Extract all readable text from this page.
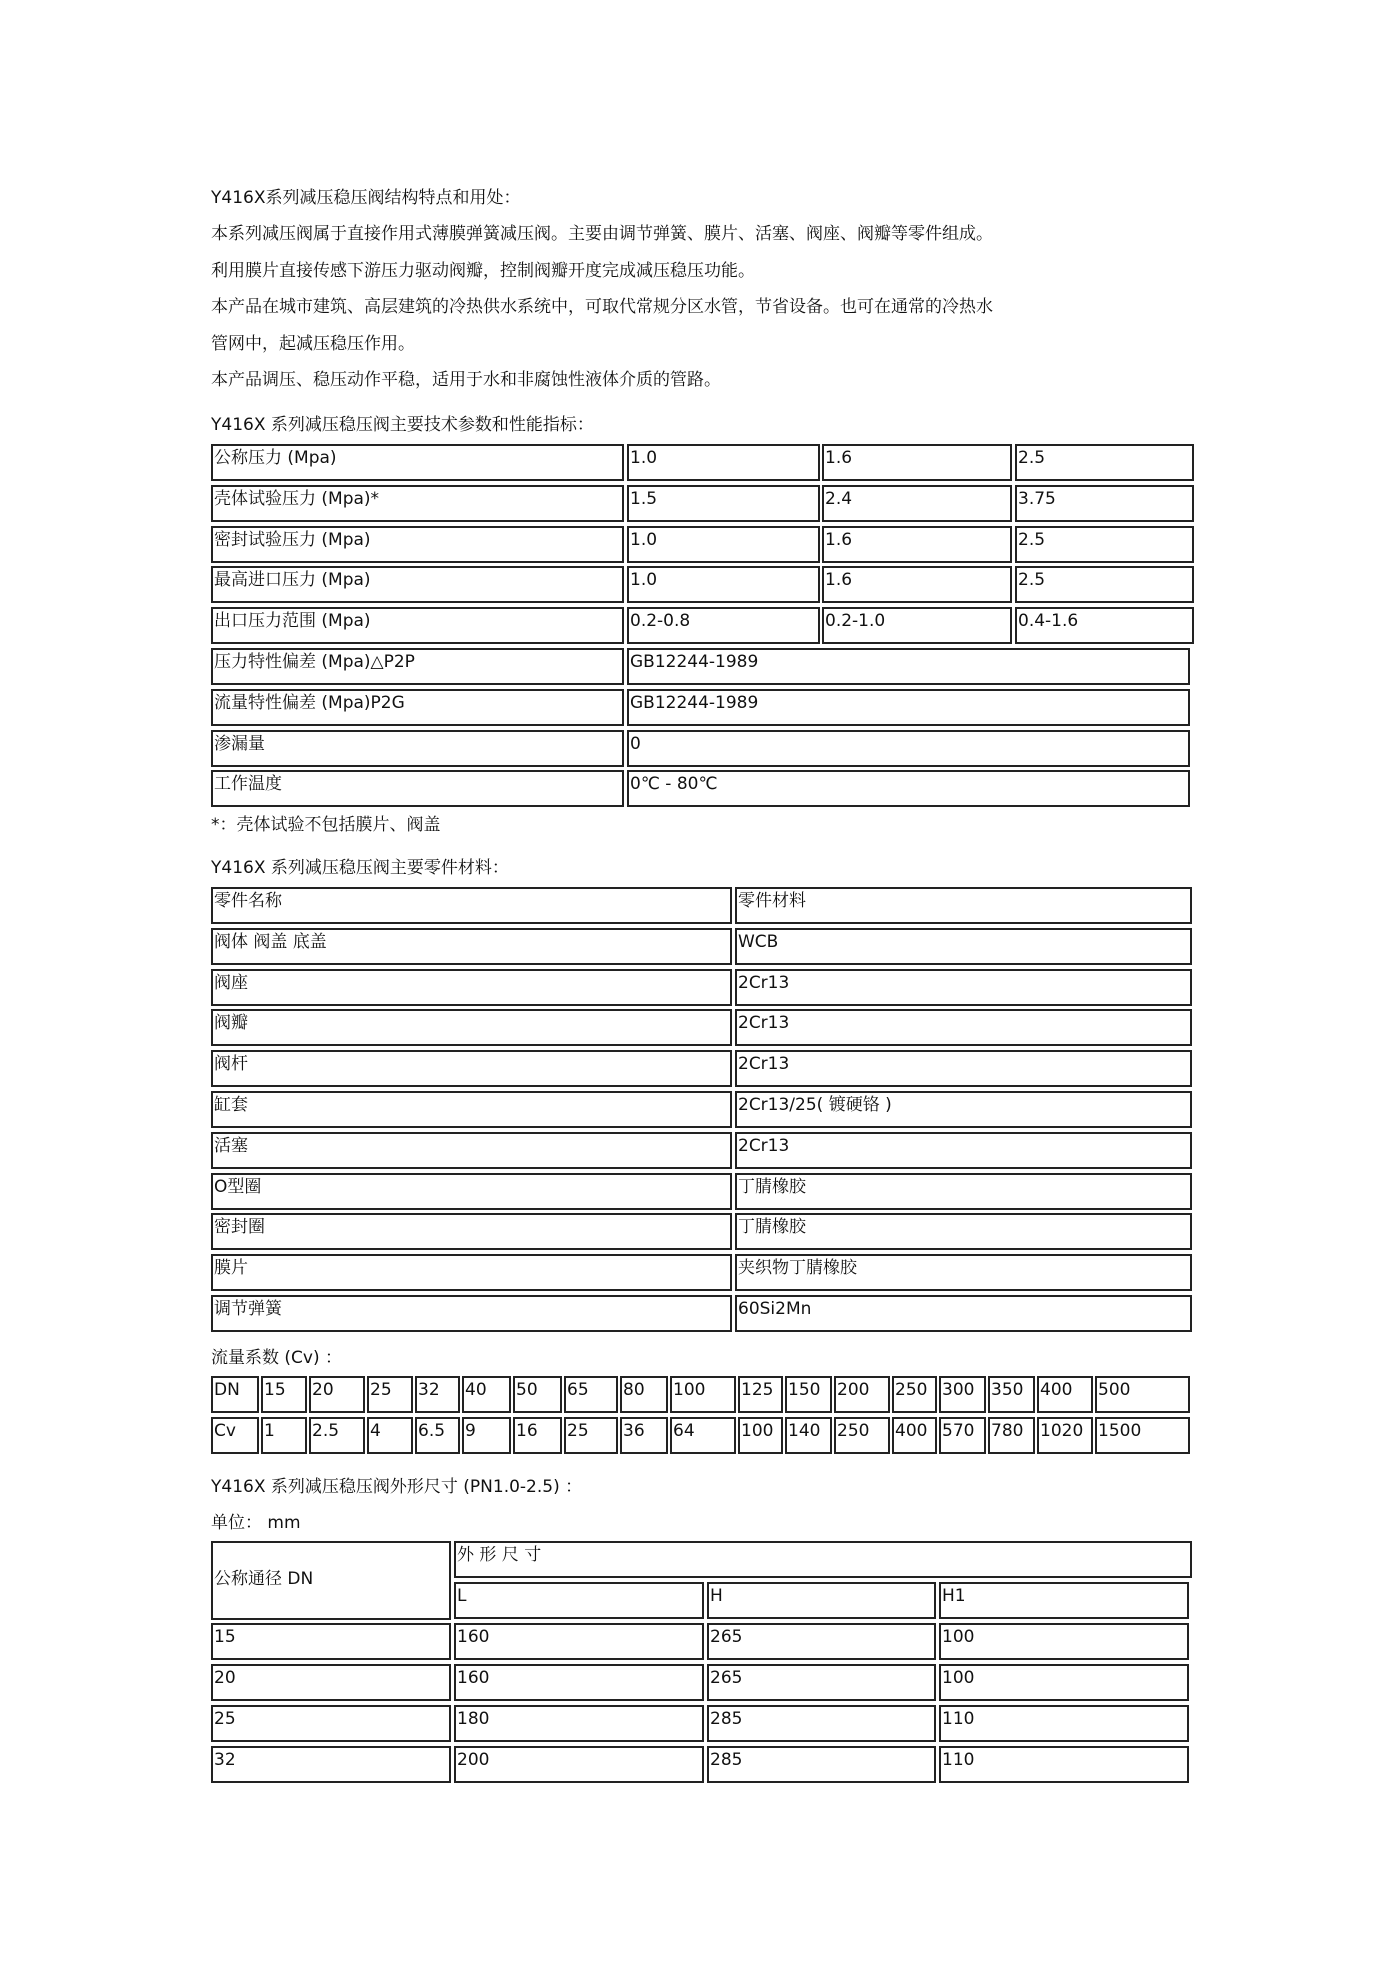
Y416X系列减压稳压阀结构特点和用处：
本系列减压阀属于直接作用式薄膜弹簧减压阀。主要由调节弹簧、膜片、活塞、阀座、阀瓣等零件组成。
利用膜片直接传感下游压力驱动阀瓣，控制阀瓣开度完成减压稳压功能。
本产品在城市建筑、高层建筑的冷热供水系统中，可取代常规分区水管，节省设备。也可在通常的冷热水
管网中，起减压稳压作用。
本产品调压、稳压动作平稳，适用于水和非腐蚀性液体介质的管路。
Y416X 系列减压稳压阀主要技术参数和性能指标：
公称压力 (Mpa)	1.0	1.6	2.5
壳体试验压力 (Mpa)*	1.5	2.4	3.75
密封试验压力 (Mpa)	1.0	1.6	2.5
最高进口压力 (Mpa)	1.0	1.6	2.5
出口压力范围 (Mpa)	0.2-0.8	0.2-1.0	0.4-1.6
压力特性偏差 (Mpa)△P2P	GB12244-1989
流量特性偏差 (Mpa)P2G	GB12244-1989
渗漏量	0
工作温度	0℃ - 80℃
*：壳体试验不包括膜片、阀盖
Y416X 系列减压稳压阀主要零件材料：
零件名称	零件材料
阀体 阀盖 底盖	WCB
阀座	2Cr13
阀瓣	2Cr13
阀杆	2Cr13
缸套	2Cr13/25( 镀硬铬 )
活塞	2Cr13
O型圈	丁腈橡胶
密封圈	丁腈橡胶
膜片	夹织物丁腈橡胶
调节弹簧	60Si2Mn
流量系数 (Cv) ：
DN	15	20	25	32	40	50	65	80	100	125 150 200	250 300 350 400	500
Cv	1	2.5	4	6.5	9	16	25	36	64	100 140 250	400 570 780 1020 1500
Y416X 系列减压稳压阀外形尺寸 (PN1.0-2.5) ：
单位： mm
公称通径 DN
外 形 尺 寸
L	H	H1
15	160	265	100
20	160	265	100
25	180	285	110
32	200	285	110
